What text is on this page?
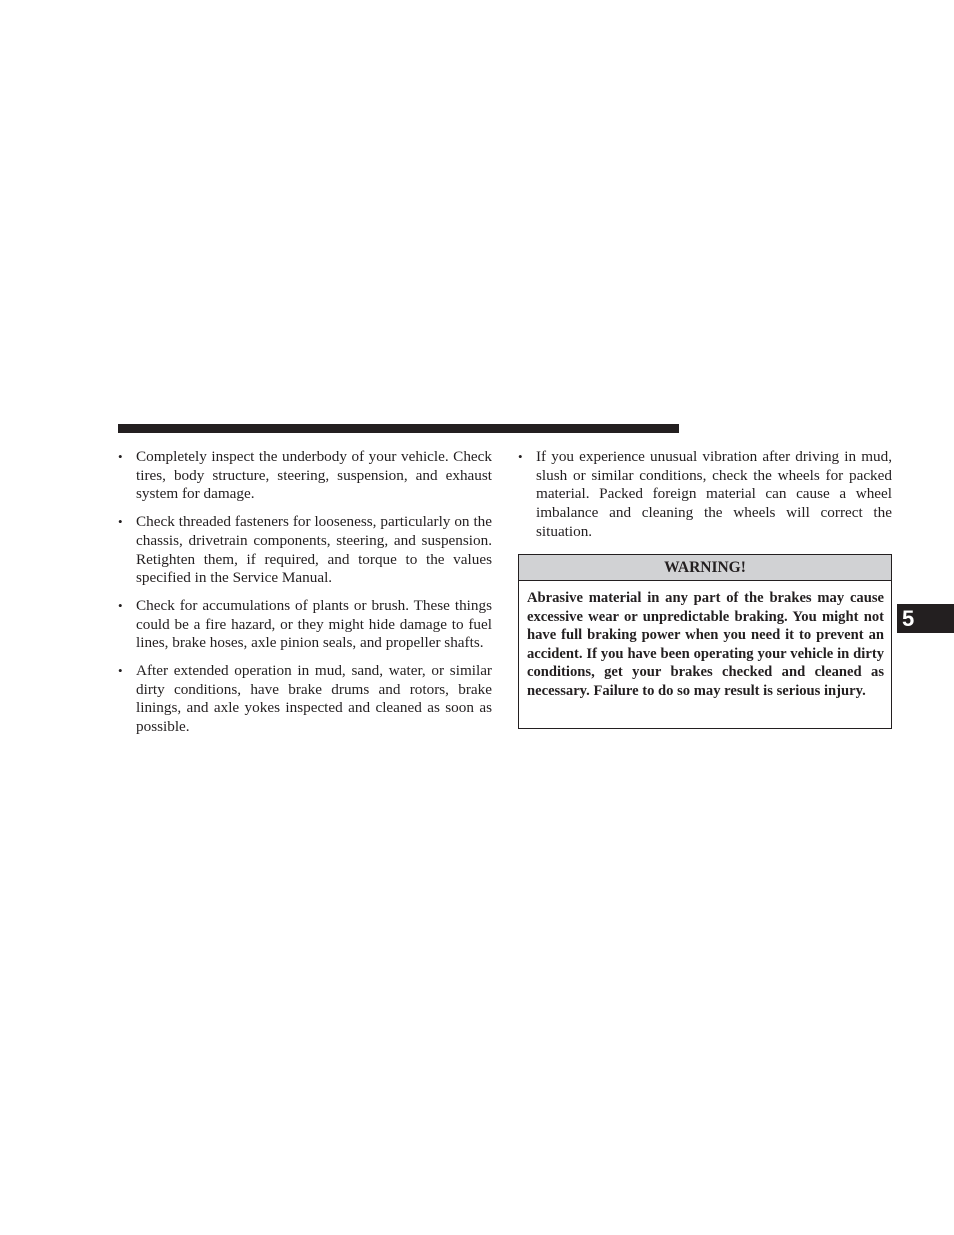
• Completely inspect the underbody of your vehicle. Check tires, body structure, steering, suspension, and exhaust system for damage.
• Check threaded fasteners for looseness, particularly on the chassis, drivetrain components, steering, and suspension. Retighten them, if required, and torque to the values specified in the Service Manual.
• Check for accumulations of plants or brush. These things could be a fire hazard, or they might hide damage to fuel lines, brake hoses, axle pinion seals, and propeller shafts.
• After extended operation in mud, sand, water, or similar dirty conditions, have brake drums and rotors, brake linings, and axle yokes inspected and cleaned as soon as possible.
• If you experience unusual vibration after driving in mud, slush or similar conditions, check the wheels for packed material. Packed foreign material can cause a wheel imbalance and cleaning the wheels will correct the situation.
WARNING!
Abrasive material in any part of the brakes may cause excessive wear or unpredictable braking. You might not have full braking power when you need it to prevent an accident. If you have been operating your vehicle in dirty conditions, get your brakes checked and cleaned as necessary. Failure to do so may result is serious injury.
5
